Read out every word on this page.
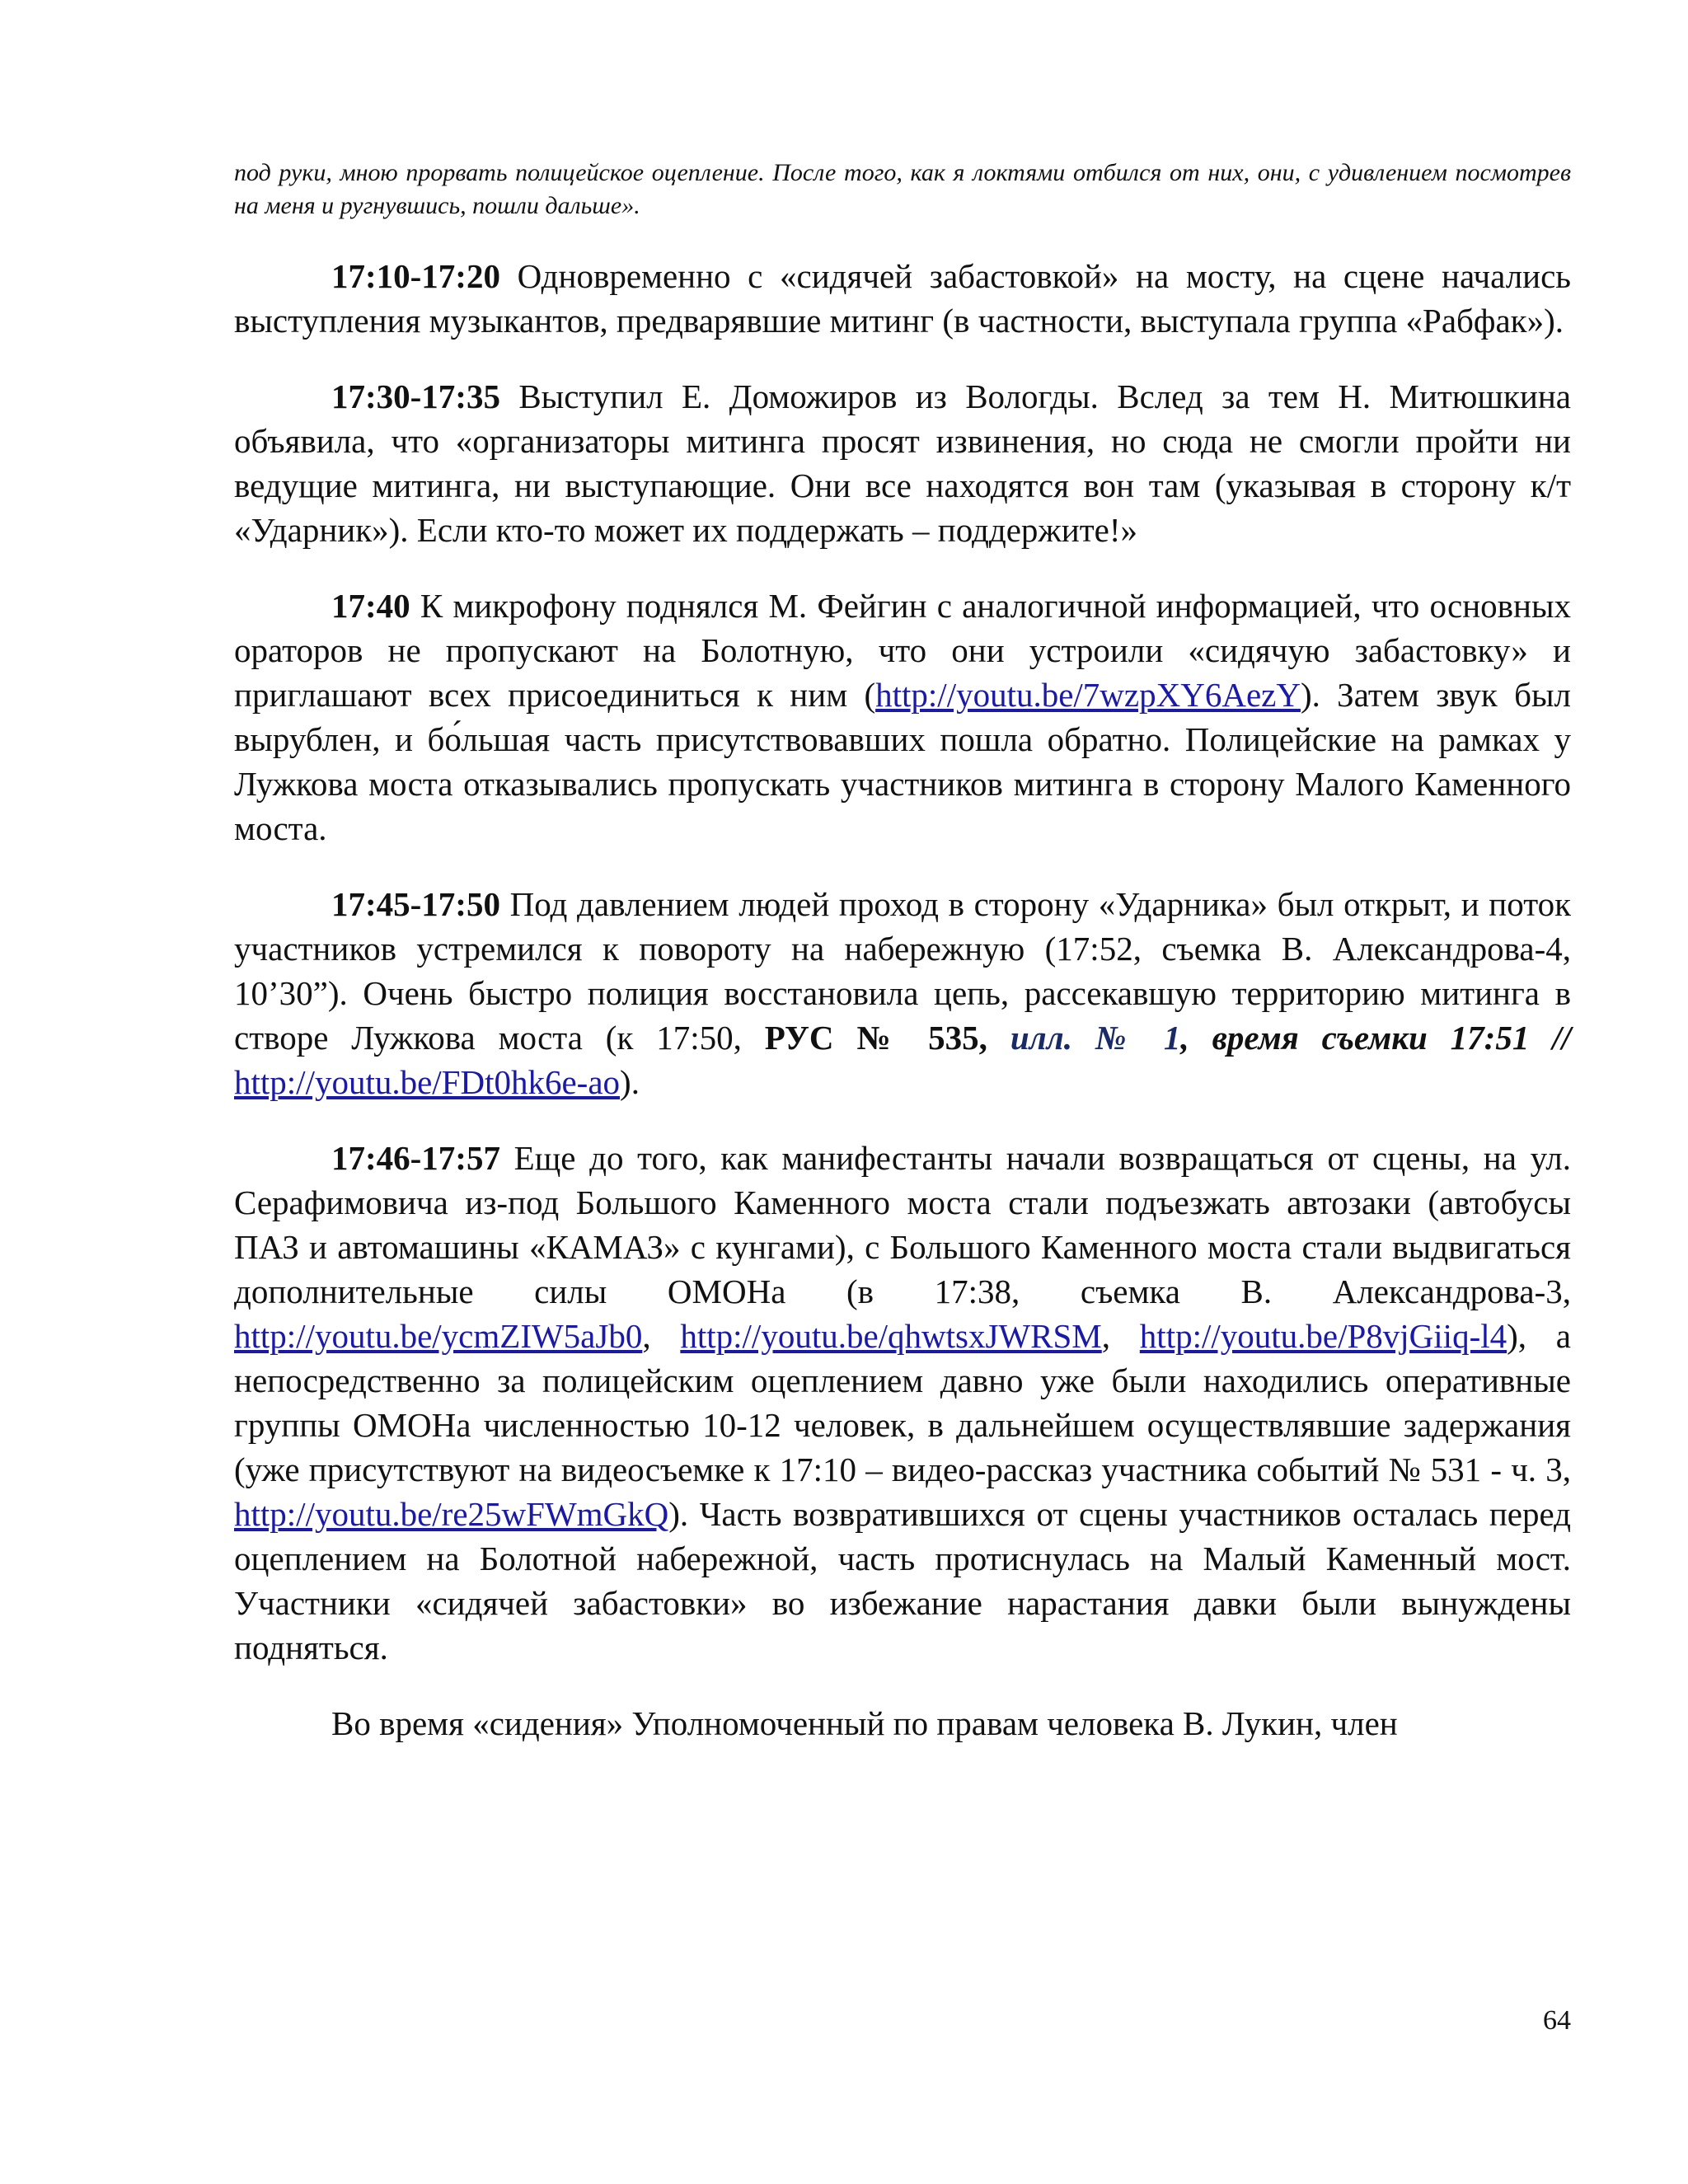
под руки, мною прорвать полицейское оцепление. После того, как я локтями отбился от них, они, с удивлением посмотрев на меня и ругнувшись, пошли дальше».

17:10-17:20 Одновременно с «сидячей забастовкой» на мосту, на сцене начались выступления музыкантов, предварявшие митинг (в частности, выступала группа «Рабфак»).

17:30-17:35 Выступил Е. Доможиров из Вологды. Вслед за тем Н. Митюшкина объявила, что «организаторы митинга просят извинения, но сюда не смогли пройти ни ведущие митинга, ни выступающие. Они все находятся вон там (указывая в сторону к/т «Ударник»). Если кто-то может их поддержать – поддержите!»

17:40 К микрофону поднялся М. Фейгин с аналогичной информацией, что основных ораторов не пропускают на Болотную, что они устроили «сидячую забастовку» и приглашают всех присоединиться к ним (http://youtu.be/7wzpXY6AezY). Затем звук был вырублен, и бо́льшая часть присутствовавших пошла обратно. Полицейские на рамках у Лужкова моста отказывались пропускать участников митинга в сторону Малого Каменного моста.

17:45-17:50 Под давлением людей проход в сторону «Ударника» был открыт, и поток участников устремился к повороту на набережную (17:52, съемка В. Александрова-4, 10’30”). Очень быстро полиция восстановила цепь, рассекавшую территорию митинга в створе Лужкова моста (к 17:50, РУС № 535, илл. № 1, время съемки 17:51 // http://youtu.be/FDt0hk6e-ao).

17:46-17:57 Еще до того, как манифестанты начали возвращаться от сцены, на ул. Серафимовича из-под Большого Каменного моста стали подъезжать автозаки (автобусы ПАЗ и автомашины «КАМАЗ» с кунгами), с Большого Каменного моста стали выдвигаться дополнительные силы ОМОНа (в 17:38, съемка В. Александрова-3, http://youtu.be/ycmZIW5aJb0, http://youtu.be/qhwtsxJWRSM, http://youtu.be/P8vjGiiq-l4), а непосредственно за полицейским оцеплением давно уже были находились оперативные группы ОМОНа численностью 10-12 человек, в дальнейшем осуществлявшие задержания (уже присутствуют на видеосъемке к 17:10 – видео-рассказ участника событий № 531 - ч. 3, http://youtu.be/re25wFWmGkQ). Часть возвратившихся от сцены участников осталась перед оцеплением на Болотной набережной, часть протиснулась на Малый Каменный мост. Участники «сидячей забастовки» во избежание нарастания давки были вынуждены подняться.

Во время «сидения» Уполномоченный по правам человека В. Лукин, член

64
